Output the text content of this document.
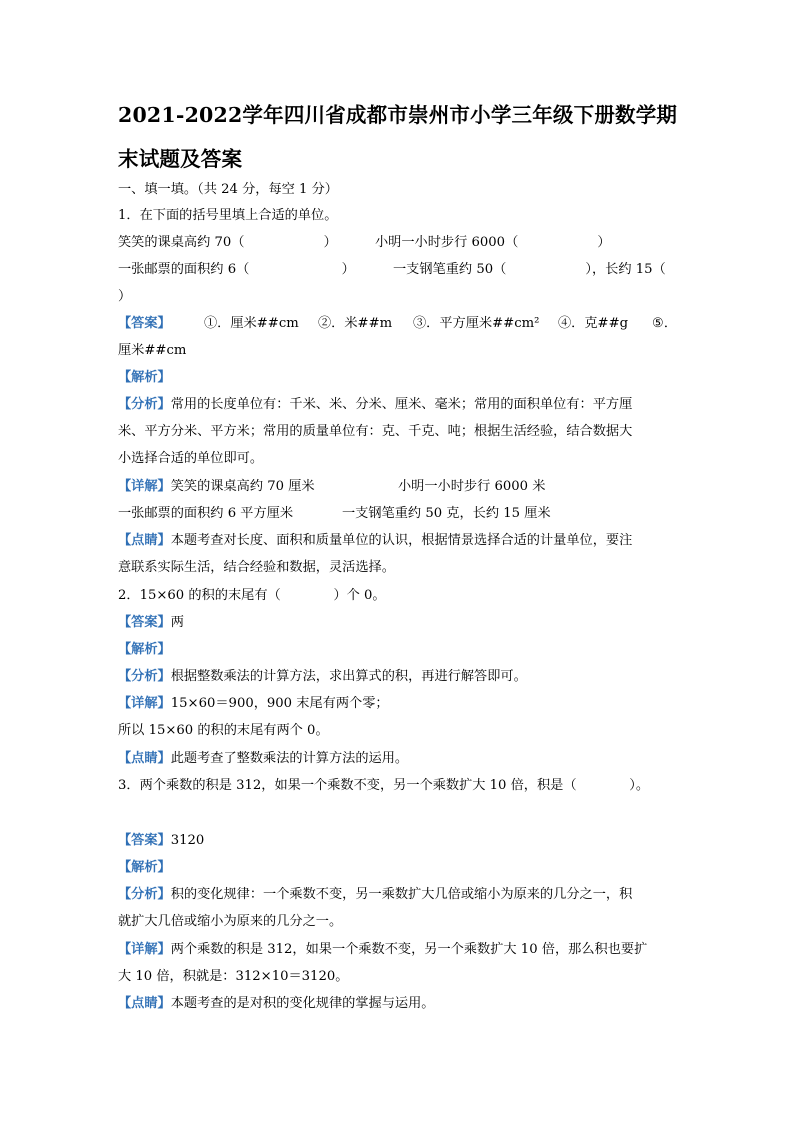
2021-2022学年四川省成都市崇州市小学三年级下册数学期
末试题及答案
一、填一填。（共 24 分，每空 1 分）
1．在下面的括号里填上合适的单位。
笑笑的课桌高约 70（　　　　　　）	小明一小时步行 6000（　　　　　　）
一张邮票的面积约 6（　　　　　　　）	一支钢笔重约 50（　　　　　　），长约 15（
）
【答案】	①．厘米##cm ②．米##m ③．平方厘米##cm² ④．克##g ⑤．
厘米##cm
【解析】
【分析】常用的长度单位有：千米、米、分米、厘米、毫米；常用的面积单位有：平方厘
米、平方分米、平方米；常用的质量单位有：克、千克、吨；根据生活经验，结合数据大
小选择合适的单位即可。
【详解】笑笑的课桌高约 70 厘米	小明一小时步行 6000 米
一张邮票的面积约 6 平方厘米	一支钢笔重约 50 克，长约 15 厘米
【点睛】本题考查对长度、面积和质量单位的认识，根据情景选择合适的计量单位，要注
意联系实际生活，结合经验和数据，灵活选择。
2．15×60 的积的末尾有（　　　　）个 0。
【答案】两
【解析】
【分析】根据整数乘法的计算方法，求出算式的积，再进行解答即可。
【详解】15×60＝900，900 末尾有两个零；
所以 15×60 的积的末尾有两个 0。
【点睛】此题考查了整数乘法的计算方法的运用。
3．两个乘数的积是 312，如果一个乘数不变，另一个乘数扩大 10 倍，积是（　　　　）。
【答案】3120
【解析】
【分析】积的变化规律：一个乘数不变，另一乘数扩大几倍或缩小为原来的几分之一，积
就扩大几倍或缩小为原来的几分之一。
【详解】两个乘数的积是 312，如果一个乘数不变，另一个乘数扩大 10 倍，那么积也要扩
大 10 倍，积就是：312×10＝3120。
【点睛】本题考查的是对积的变化规律的掌握与运用。
